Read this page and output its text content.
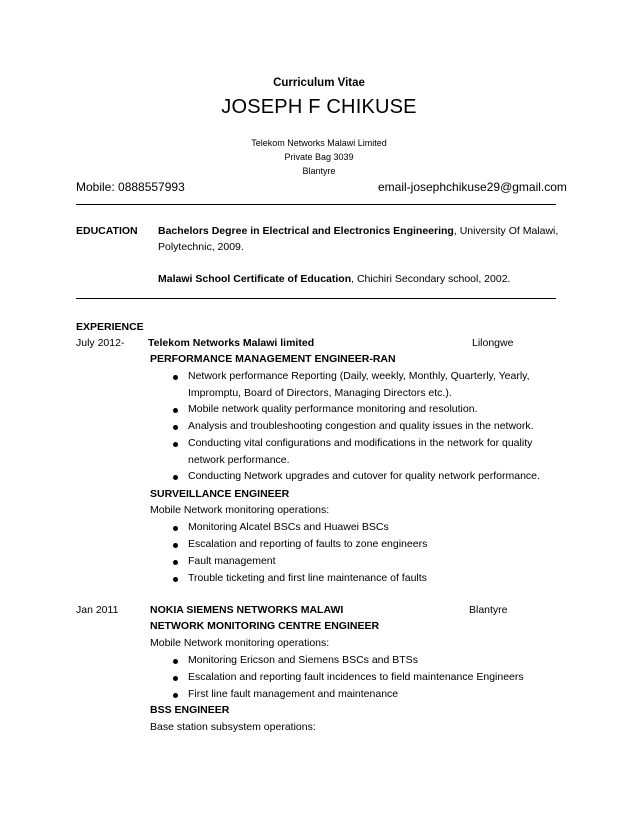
Curriculum Vitae
JOSEPH F CHIKUSE
Telekom Networks Malawi Limited
Private Bag 3039
Blantyre
Mobile: 0888557993	email-josephchikuse29@gmail.com
EDUCATION Bachelors Degree in Electrical and Electronics Engineering, University Of Malawi,
Polytechnic, 2009.
Malawi School Certificate of Education, Chichiri Secondary school, 2002.
EXPERIENCE
July 2012- Telekom Networks Malawi limited	Lilongwe
PERFORMANCE MANAGEMENT ENGINEER-RAN
Network performance Reporting (Daily, weekly, Monthly, Quarterly, Yearly,
Impromptu, Board of Directors, Managing Directors etc.).
Mobile network quality performance monitoring and resolution.
Analysis and troubleshooting congestion and quality issues in the network.
Conducting vital configurations and modifications in the network for quality
network performance.
Conducting Network upgrades and cutover for quality network performance.
SURVEILLANCE ENGINEER
Mobile Network monitoring operations:
Monitoring Alcatel BSCs and Huawei BSCs
Escalation and reporting of faults to zone engineers
Fault management
Trouble ticketing and first line maintenance of faults
Jan 2011	NOKIA SIEMENS NETWORKS MALAWI	Blantyre
NETWORK MONITORING CENTRE ENGINEER
Mobile Network monitoring operations:
Monitoring Ericson and Siemens BSCs and BTSs
Escalation and reporting fault incidences to field maintenance Engineers
First line fault management and maintenance
BSS ENGINEER
Base station subsystem operations:
